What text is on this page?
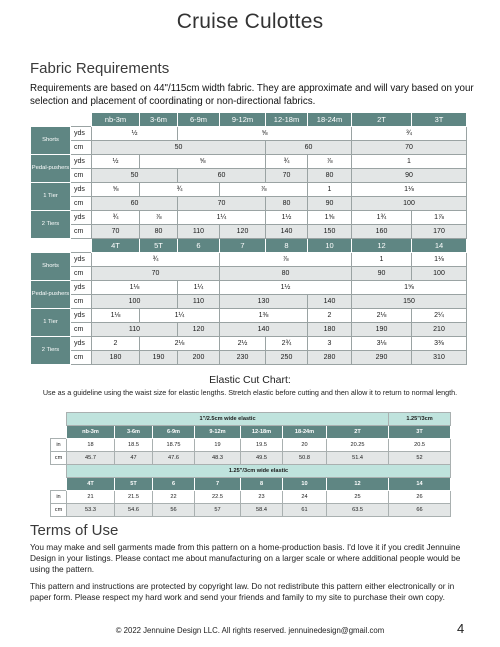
Cruise Culottes
Fabric Requirements
Requirements are based on 44"/115cm width fabric. They are approximate and will vary based on your selection and placement of coordinating or non-directional fabrics.
		nb-3m	3-6m	6-9m	9-12m	12-18m	18-24m	2T	3T
Shorts	yds	½		⅝				¾	
	cm	50				60		70	
Pedal-pushers	yds	½	⅝			¾	⅞	1	
	cm	50		60		70	80	90	
1 Tier	yds	⅝	¾		⅞		1	1⅛	
	cm	60		70		80	90	100	
2 Tiers	yds	¾	⅞	1¼		1½	1⅝	1¾	1⅞
	cm	70	80	110	120	140	150	160	170
		4T	5T	6	7	8	10	12	14
Shorts	yds	¾			⅞			1	1⅛
	cm	70			80			90	100
Pedal-pushers	yds	1⅛		1¼	1½			1⅝	
	cm	100		110	130		140	150	
1 Tier	yds	1⅛	1¼		1⅜		2	2⅛	2¼
	cm	110		120	140		180	190	210
2 Tiers	yds	2	2⅛		2½	2¾	3	3⅛	3⅜
	cm	180	190	200	230	250	280	290	310
Elastic Cut Chart:
Use as a guideline using the waist size for elastic lengths. Stretch elastic before cutting and then allow it to return to normal length.
	1"/2.5cm wide elastic							1.25"/3cm
	nb-3m	3-6m	6-9m	9-12m	12-18m	18-24m	2T	3T
in	18	18.5	18.75	19	19.5	20	20.25	20.5
cm	45.7	47	47.6	48.3	49.5	50.8	51.4	52
	1.25"/3cm wide elastic							
	4T	5T	6	7	8	10	12	14
in	21	21.5	22	22.5	23	24	25	26
cm	53.3	54.6	56	57	58.4	61	63.5	66
Terms of Use
You may make and sell garments made from this pattern on a home-production basis. I'd love it if you credit Jennuine Design in your listings. Please contact me about manufacturing on a larger scale or where additional people would be using the pattern.
This pattern and instructions are protected by copyright law. Do not redistribute this pattern either electronically or in paper form. Please respect my hard work and send your friends and family to my site to purchase their own copy.
© 2022 Jennuine Design LLC. All rights reserved. jennuinedesign@gmail.com	4
